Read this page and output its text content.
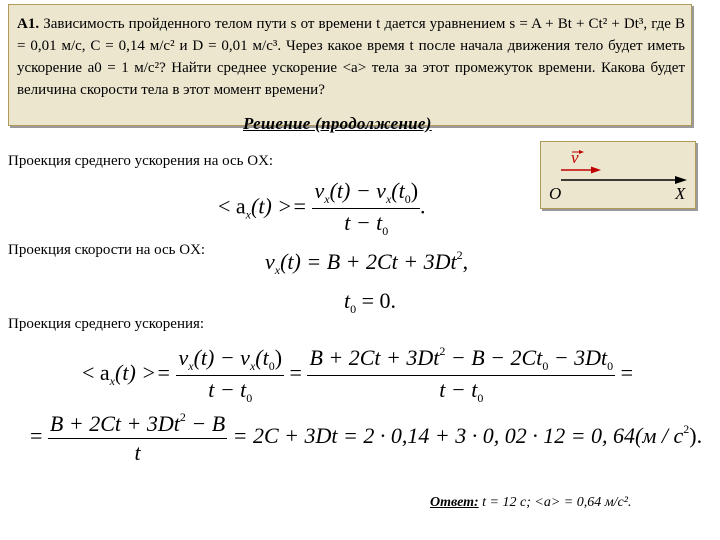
А1. Зависимость пройденного телом пути s от времени t дается уравнением s = A + Bt + Ct² + Dt³, где B = 0,01 м/с, C = 0,14 м/с² и D = 0,01 м/с³. Через какое время t после начала движения тело будет иметь ускорение a0 = 1 м/с²? Найти среднее ускорение <a> тела за этот промежуток времени. Какова будет величина скорости тела в этот момент времени?
Решение (продолжение)
v
O	X
Проекция среднего ускорения на ось OX:
< $a_x(t) >= \frac{v_x(t) - v_x(t_0)}{t - t_0}$ .
Проекция скорости на ось OX:	$v_x(t) = B + 2Ct + 3Dt^2$,
$t_0 = 0$.
Проекция среднего ускорения:
< $a_x(t) >= \frac{v_x(t) - v_x(t_0)}{t - t_0} = \frac{B + 2Ct + 3Dt^2 - B - 2Ct_0 - 3Dt_0}{t - t_0}$ =
= $\frac{B + 2Ct + 3Dt^2 - B}{t} = 2C + 3Dt = 2 \cdot 0,14 + 3 \cdot 0$, 02 · 12 = 0, $64(м / с^2)$.
Ответ: t = 12 с; <a> = 0,64 м/с².
